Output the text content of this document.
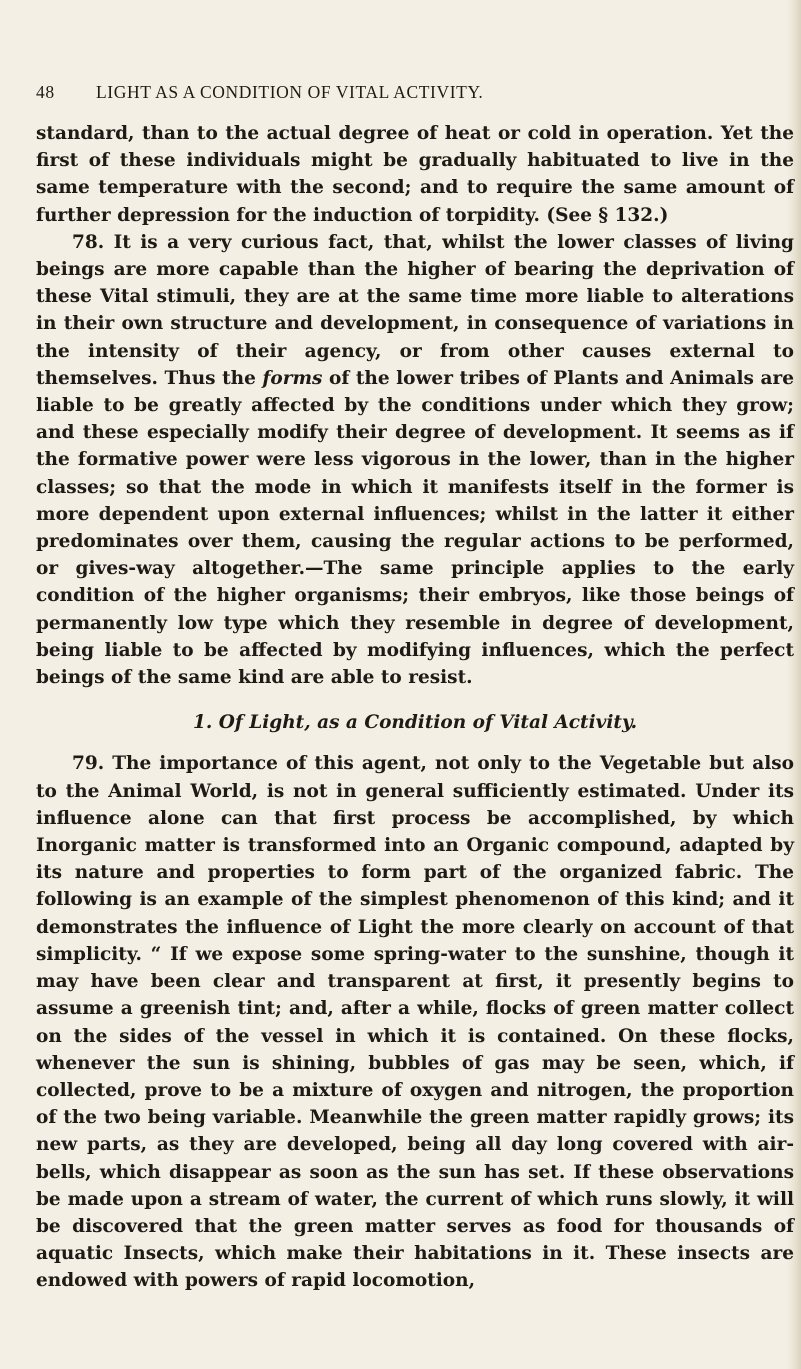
48 LIGHT AS A CONDITION OF VITAL ACTIVITY.

standard, than to the actual degree of heat or cold in operation. Yet the first of these individuals might be gradually habituated to live in the same temperature with the second; and to require the same amount of further depression for the induction of torpidity. (See § 132.)

78. It is a very curious fact, that, whilst the lower classes of living beings are more capable than the higher of bearing the deprivation of these Vital stimuli, they are at the same time more liable to alterations in their own structure and development, in consequence of variations in the intensity of their agency, or from other causes external to themselves. Thus the forms of the lower tribes of Plants and Animals are liable to be greatly affected by the conditions under which they grow; and these especially modify their degree of development. It seems as if the formative power were less vigorous in the lower, than in the higher classes; so that the mode in which it manifests itself in the former is more dependent upon external influences; whilst in the latter it either predominates over them, causing the regular actions to be performed, or gives-way altogether.—The same principle applies to the early condition of the higher organisms; their embryos, like those beings of permanently low type which they resemble in degree of development, being liable to be affected by modifying influences, which the perfect beings of the same kind are able to resist.

1. Of Light, as a Condition of Vital Activity.

79. The importance of this agent, not only to the Vegetable but also to the Animal World, is not in general sufficiently estimated. Under its influence alone can that first process be accomplished, by which Inorganic matter is transformed into an Organic compound, adapted by its nature and properties to form part of the organized fabric. The following is an example of the simplest phenomenon of this kind; and it demonstrates the influence of Light the more clearly on account of that simplicity. “ If we expose some spring-water to the sunshine, though it may have been clear and transparent at first, it presently begins to assume a greenish tint; and, after a while, flocks of green matter collect on the sides of the vessel in which it is contained. On these flocks, whenever the sun is shining, bubbles of gas may be seen, which, if collected, prove to be a mixture of oxygen and nitrogen, the proportion of the two being variable. Meanwhile the green matter rapidly grows; its new parts, as they are developed, being all day long covered with air-bells, which disappear as soon as the sun has set. If these observations be made upon a stream of water, the current of which runs slowly, it will be discovered that the green matter serves as food for thousands of aquatic Insects, which make their habitations in it. These insects are endowed with powers of rapid locomotion,
